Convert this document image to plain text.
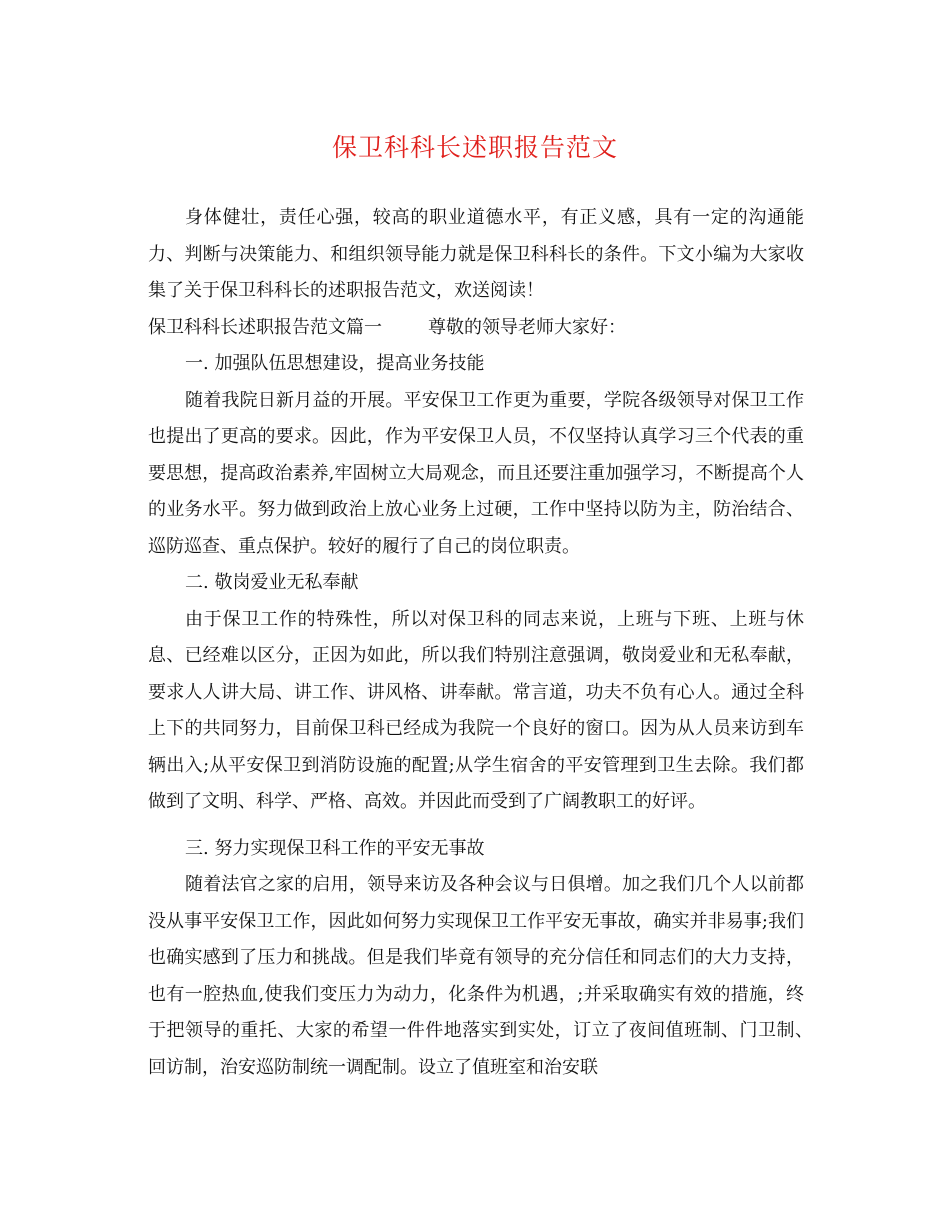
保卫科科长述职报告范文

身体健壮，责任心强，较高的职业道德水平，有正义感，具有一定的沟通能力、判断与决策能力、和组织领导能力就是保卫科科长的条件。下文小编为大家收集了关于保卫科科长的述职报告范文，欢送阅读！

保卫科科长述职报告范文篇一	尊敬的领导老师大家好：

一. 加强队伍思想建设，提高业务技能

随着我院日新月益的开展。平安保卫工作更为重要，学院各级领导对保卫工作也提出了更高的要求。因此，作为平安保卫人员，不仅坚持认真学习三个代表的重要思想，提高政治素养,牢固树立大局观念，而且还要注重加强学习，不断提高个人的业务水平。努力做到政治上放心业务上过硬，工作中坚持以防为主，防治结合、巡防巡查、重点保护。较好的履行了自己的岗位职责。

二. 敬岗爱业无私奉献

由于保卫工作的特殊性，所以对保卫科的同志来说，上班与下班、上班与休息、已经难以区分，正因为如此，所以我们特别注意强调，敬岗爱业和无私奉献，要求人人讲大局、讲工作、讲风格、讲奉献。常言道，功夫不负有心人。通过全科上下的共同努力，目前保卫科已经成为我院一个良好的窗口。因为从人员来访到车辆出入;从平安保卫到消防设施的配置;从学生宿舍的平安管理到卫生去除。我们都做到了文明、科学、严格、高效。并因此而受到了广阔教职工的好评。

三. 努力实现保卫科工作的平安无事故

随着法官之家的启用，领导来访及各种会议与日俱增。加之我们几个人以前都没从事平安保卫工作，因此如何努力实现保卫工作平安无事故，确实并非易事;我们也确实感到了压力和挑战。但是我们毕竟有领导的充分信任和同志们的大力支持，也有一腔热血,使我们变压力为动力，化条件为机遇，;并采取确实有效的措施，终于把领导的重托、大家的希望一件件地落实到实处，订立了夜间值班制、门卫制、　回访制，治安巡防制统一调配制。设立了值班室和治安联
